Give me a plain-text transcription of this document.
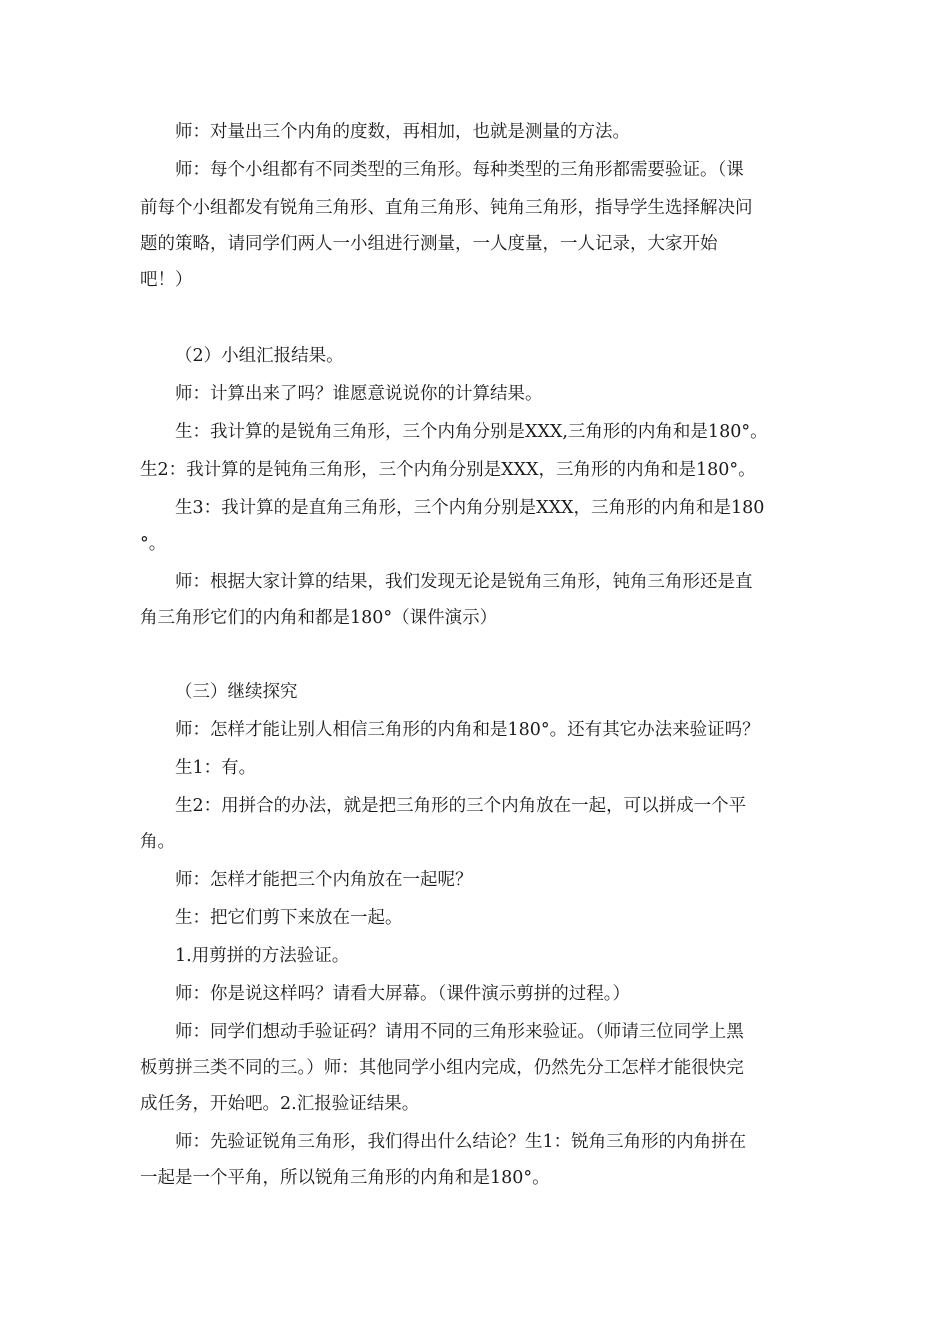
师：对量出三个内角的度数，再相加，也就是测量的方法。
师：每个小组都有不同类型的三角形。每种类型的三角形都需要验证。（课
前每个小组都发有锐角三角形、直角三角形、钝角三角形，指导学生选择解决问
题的策略，请同学们两人一小组进行测量，一人度量，一人记录，大家开始
吧！）
（2）小组汇报结果。
师：计算出来了吗？谁愿意说说你的计算结果。
生：我计算的是锐角三角形，三个内角分别是XXX,三角形的内角和是180°。
生2：我计算的是钝角三角形，三个内角分别是XXX，三角形的内角和是180°。
生3：我计算的是直角三角形，三个内角分别是XXX，三角形的内角和是180
°。
师：根据大家计算的结果，我们发现无论是锐角三角形，钝角三角形还是直
角三角形它们的内角和都是180°（课件演示）
（三）继续探究
师：怎样才能让别人相信三角形的内角和是180°。还有其它办法来验证吗？
生1：有。
生2：用拼合的办法，就是把三角形的三个内角放在一起，可以拼成一个平
角。
师：怎样才能把三个内角放在一起呢？
生：把它们剪下来放在一起。
1.用剪拼的方法验证。
师：你是说这样吗？请看大屏幕。（课件演示剪拼的过程。）
师：同学们想动手验证码？请用不同的三角形来验证。（师请三位同学上黑
板剪拼三类不同的三。）师：其他同学小组内完成，仍然先分工怎样才能很快完
成任务，开始吧。2.汇报验证结果。
师：先验证锐角三角形，我们得出什么结论？生1：锐角三角形的内角拼在
一起是一个平角，所以锐角三角形的内角和是180°。
